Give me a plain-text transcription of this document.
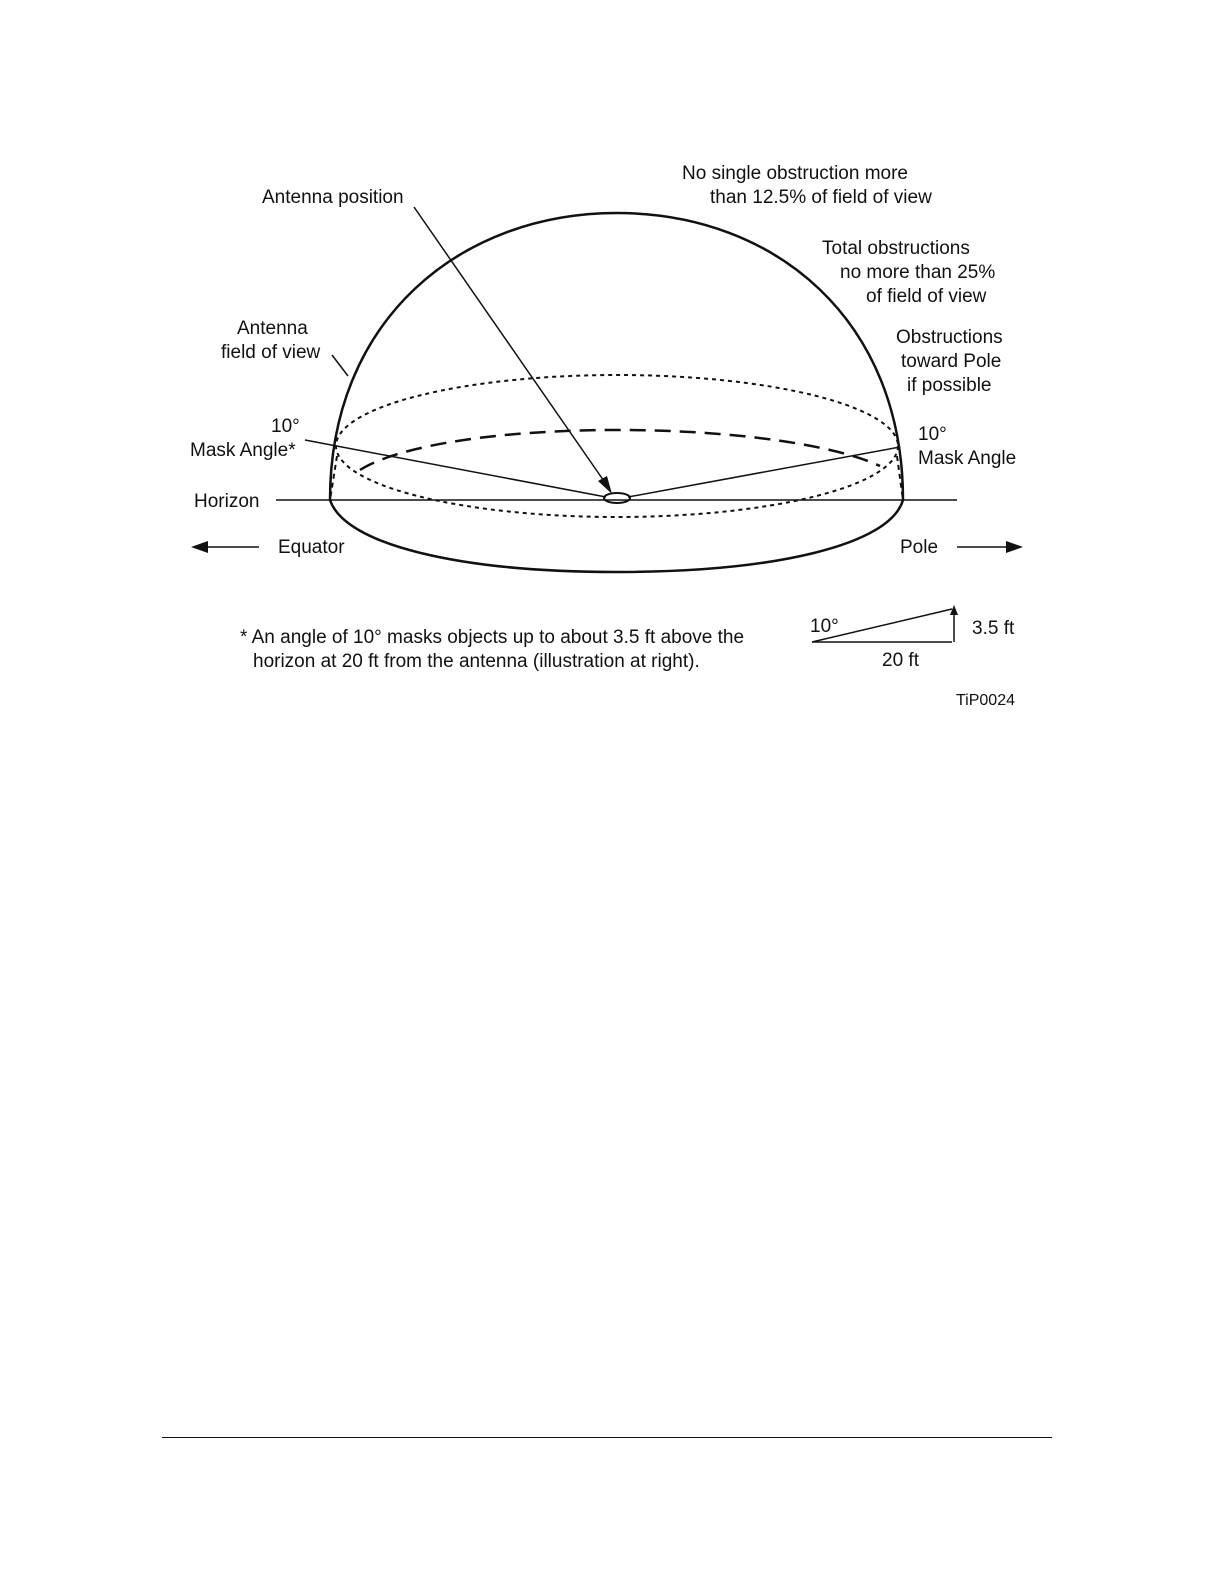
Antenna position
No single obstruction more
than 12.5% of field of view
Total obstructions
no more than 25%
of field of view
Antenna
field of view
Obstructions
toward Pole
if possible
10°
Mask Angle*
10°
Mask Angle
Horizon
Equator	Pole
* An angle of 10° masks objects up to about 3.5 ft above the
horizon at 20 ft from the antenna (illustration at right).
10°	3.5 ft
20 ft
TiP0024
